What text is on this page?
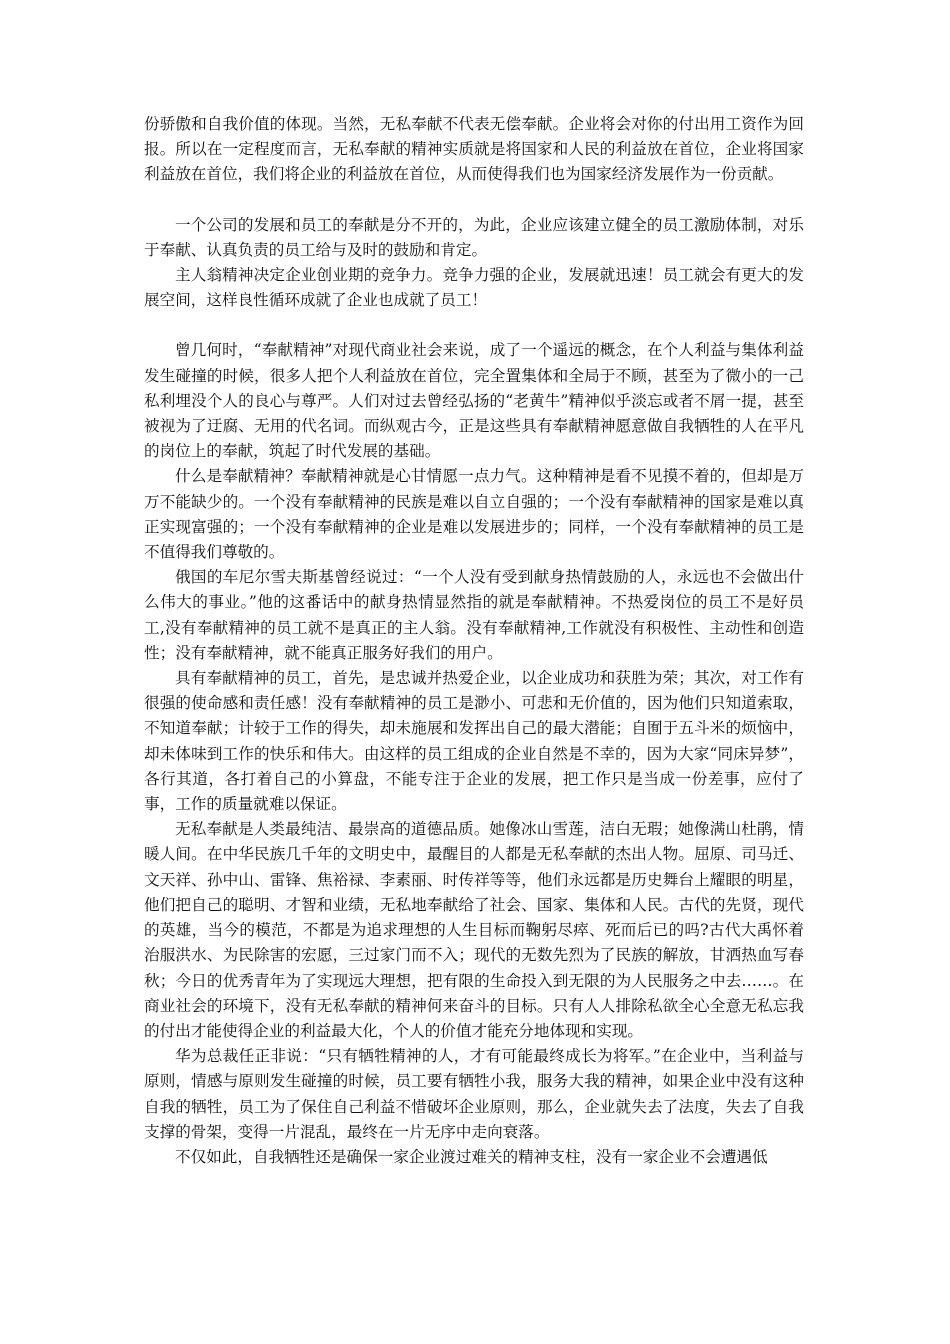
份骄傲和自我价值的体现。当然，无私奉献不代表无偿奉献。企业将会对你的付出用工资作为回报。所以在一定程度而言，无私奉献的精神实质就是将国家和人民的利益放在首位，企业将国家利益放在首位，我们将企业的利益放在首位，从而使得我们也为国家经济发展作为一份贡献。

一个公司的发展和员工的奉献是分不开的，为此，企业应该建立健全的员工激励体制，对乐于奉献、认真负责的员工给与及时的鼓励和肯定。

主人翁精神决定企业创业期的竞争力。竞争力强的企业，发展就迅速！员工就会有更大的发展空间，这样良性循环成就了企业也成就了员工！

曾几何时，“奉献精神”对现代商业社会来说，成了一个遥远的概念，在个人利益与集体利益发生碰撞的时候，很多人把个人利益放在首位，完全置集体和全局于不顾，甚至为了微小的一己私利埋没个人的良心与尊严。人们对过去曾经弘扬的“老黄牛”精神似乎淡忘或者不屑一提，甚至被视为了迂腐、无用的代名词。而纵观古今，正是这些具有奉献精神愿意做自我牺牲的人在平凡的岗位上的奉献，筑起了时代发展的基础。

什么是奉献精神？奉献精神就是心甘情愿一点力气。这种精神是看不见摸不着的，但却是万万不能缺少的。一个没有奉献精神的民族是难以自立自强的；一个没有奉献精神的国家是难以真正实现富强的；一个没有奉献精神的企业是难以发展进步的；同样，一个没有奉献精神的员工是不值得我们尊敬的。

俄国的车尼尔雪夫斯基曾经说过：“一个人没有受到献身热情鼓励的人，永远也不会做出什么伟大的事业。”他的这番话中的献身热情显然指的就是奉献精神。不热爱岗位的员工不是好员工,没有奉献精神的员工就不是真正的主人翁。没有奉献精神,工作就没有积极性、主动性和创造性；没有奉献精神，就不能真正服务好我们的用户。

具有奉献精神的员工，首先，是忠诚并热爱企业，以企业成功和获胜为荣；其次，对工作有很强的使命感和责任感！没有奉献精神的员工是渺小、可悲和无价值的，因为他们只知道索取，不知道奉献；计较于工作的得失，却未施展和发挥出自己的最大潜能；自囿于五斗米的烦恼中，却未体味到工作的快乐和伟大。由这样的员工组成的企业自然是不幸的，因为大家“同床异梦”，各行其道，各打着自己的小算盘，不能专注于企业的发展，把工作只是当成一份差事，应付了事，工作的质量就难以保证。

无私奉献是人类最纯洁、最崇高的道德品质。她像冰山雪莲，洁白无瑕；她像满山杜鹃，情暖人间。在中华民族几千年的文明史中，最醒目的人都是无私奉献的杰出人物。屈原、司马迁、文天祥、孙中山、雷锋、焦裕禄、李素丽、时传祥等等，他们永远都是历史舞台上耀眼的明星，他们把自己的聪明、才智和业绩，无私地奉献给了社会、国家、集体和人民。古代的先贤，现代的英雄，当今的模范，不都是为追求理想的人生目标而鞠躬尽瘁、死而后已的吗?古代大禹怀着治服洪水、为民除害的宏愿，三过家门而不入；现代的无数先烈为了民族的解放，甘洒热血写春秋；今日的优秀青年为了实现远大理想，把有限的生命投入到无限的为人民服务之中去……。在商业社会的环境下，没有无私奉献的精神何来奋斗的目标。只有人人排除私欲全心全意无私忘我的付出才能使得企业的利益最大化，个人的价值才能充分地体现和实现。

华为总裁任正非说：“只有牺牲精神的人，才有可能最终成长为将军。”在企业中，当利益与原则，情感与原则发生碰撞的时候，员工要有牺牲小我，服务大我的精神，如果企业中没有这种自我的牺牲，员工为了保住自己利益不惜破坏企业原则，那么，企业就失去了法度，失去了自我支撑的骨架，变得一片混乱，最终在一片无序中走向衰落。

不仅如此，自我牺牲还是确保一家企业渡过难关的精神支柱，没有一家企业不会遭遇低
